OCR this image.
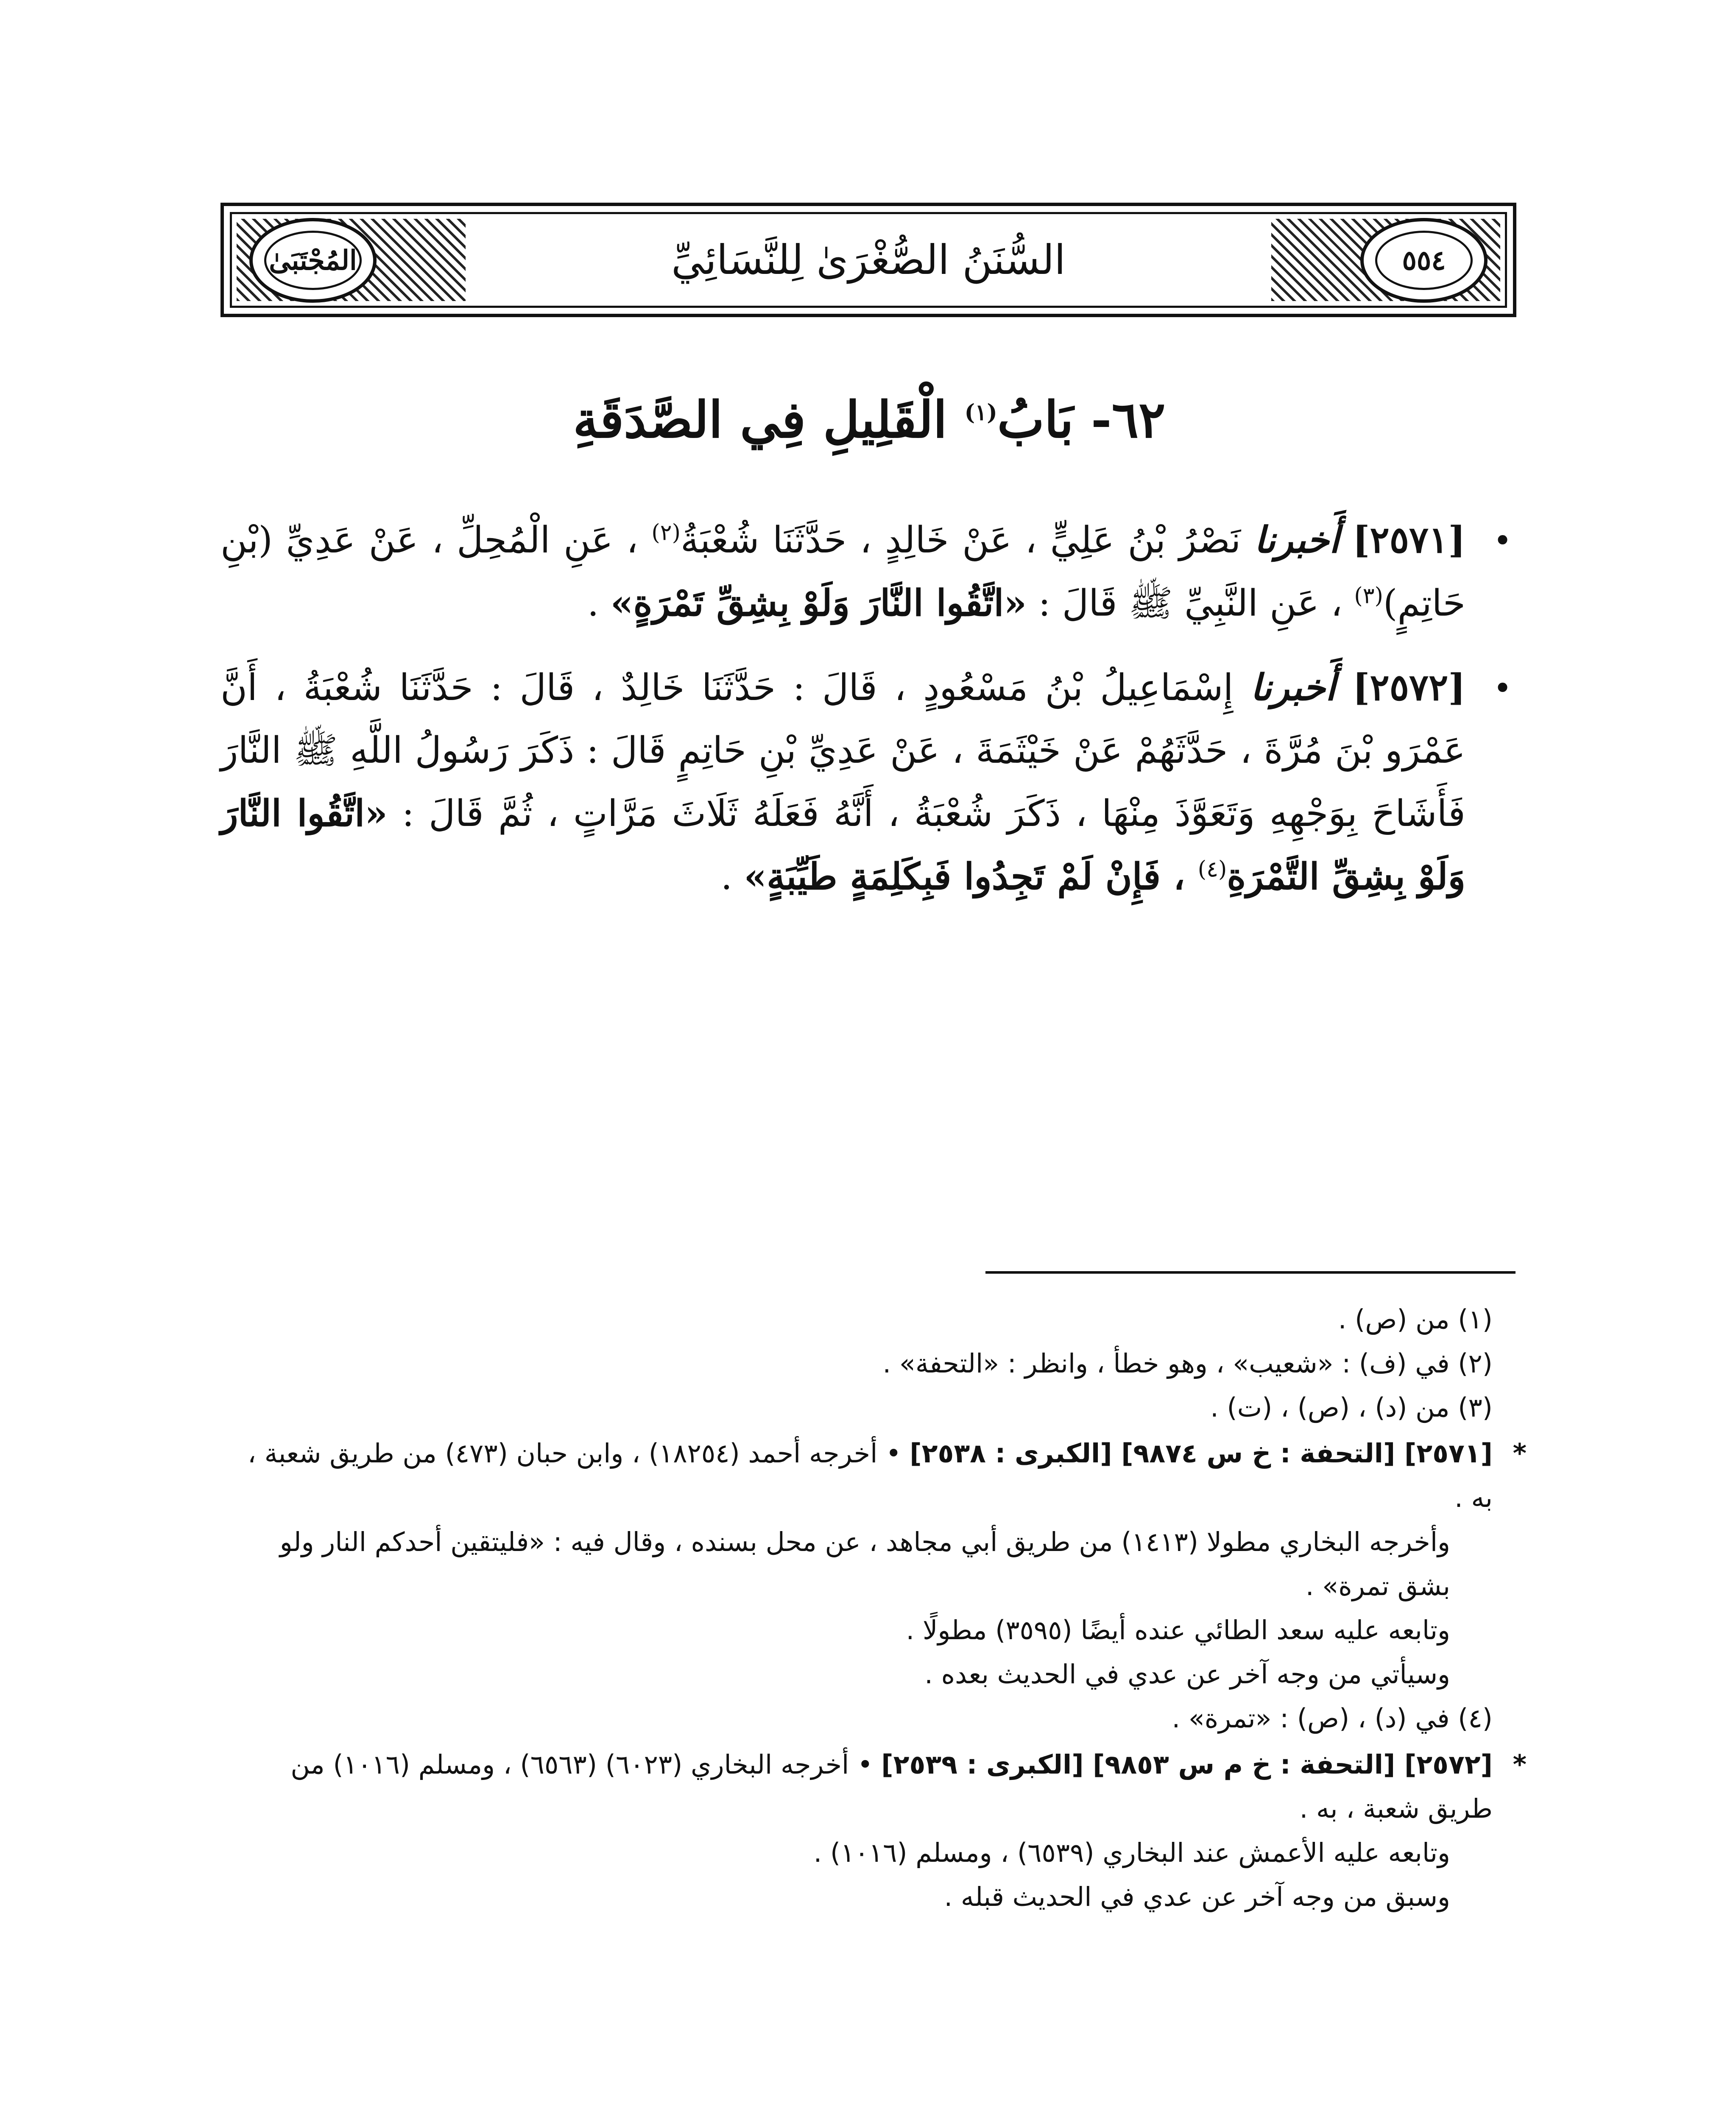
المُجْتَبَىٰ	السُّنَنُ الصُّغْرَىٰ لِلنَّسَائِيِّ	٥٥٤
٦٢- بَابُ$^{(١)}$ الْقَلِيلِ فِي الصَّدَقَةِ
•
[٢٥٧١] أَخبرنا نَصْرُ بْنُ عَلِيٍّ ، عَنْ خَالِدٍ ، حَدَّثَنَا شُعْبَةُ$^{(٢)}$ ، عَنِ الْمُحِلِّ ، عَنْ عَدِيِّ (بْنِ حَاتِمٍ)$^{(٣)}$ ، عَنِ النَّبِيِّ ﷺ قَالَ : «اتَّقُوا النَّارَ وَلَوْ بِشِقِّ تَمْرَةٍ» .
•
[٢٥٧٢] أَخبرنا إِسْمَاعِيلُ بْنُ مَسْعُودٍ ، قَالَ : حَدَّثَنَا خَالِدٌ ، قَالَ : حَدَّثَنَا شُعْبَةُ ، أَنَّ عَمْرَو بْنَ مُرَّةَ ، حَدَّثَهُمْ عَنْ خَيْثَمَةَ ، عَنْ عَدِيِّ بْنِ حَاتِمٍ قَالَ : ذَكَرَ رَسُولُ اللَّهِ ﷺ النَّارَ فَأَشَاحَ بِوَجْهِهِ وَتَعَوَّذَ مِنْهَا ، ذَكَرَ شُعْبَةُ ، أَنَّهُ فَعَلَهُ ثَلَاثَ مَرَّاتٍ ، ثُمَّ قَالَ : «اتَّقُوا النَّارَ وَلَوْ بِشِقِّ التَّمْرَةِ$^{(٤)}$ ، فَإِنْ لَمْ تَجِدُوا فَبِكَلِمَةٍ طَيِّبَةٍ» .
(١) من (ص) .
(٢) في (ف) : «شعيب» ، وهو خطأ ، وانظر : «التحفة» .
(٣) من (د) ، (ص) ، (ت) .
*
[٢٥٧١] [التحفة : خ س ٩٨٧٤] [الكبرى : ٢٥٣٨] • أخرجه أحمد (١٨٢٥٤) ، وابن حبان (٤٧٣) من طريق شعبة ، به .
وأخرجه البخاري مطولا (١٤١٣) من طريق أبي مجاهد ، عن محل بسنده ، وقال فيه : «فليتقين أحدكم النار ولو بشق تمرة» .
وتابعه عليه سعد الطائي عنده أيضًا (٣٥٩٥) مطولًا .
وسيأتي من وجه آخر عن عدي في الحديث بعده .
(٤) في (د) ، (ص) : «تمرة» .
*
[٢٥٧٢] [التحفة : خ م س ٩٨٥٣] [الكبرى : ٢٥٣٩] • أخرجه البخاري (٦٠٢٣) (٦٥٦٣) ، ومسلم (١٠١٦) من طريق شعبة ، به .
وتابعه عليه الأعمش عند البخاري (٦٥٣٩) ، ومسلم (١٠١٦) .
وسبق من وجه آخر عن عدي في الحديث قبله .
